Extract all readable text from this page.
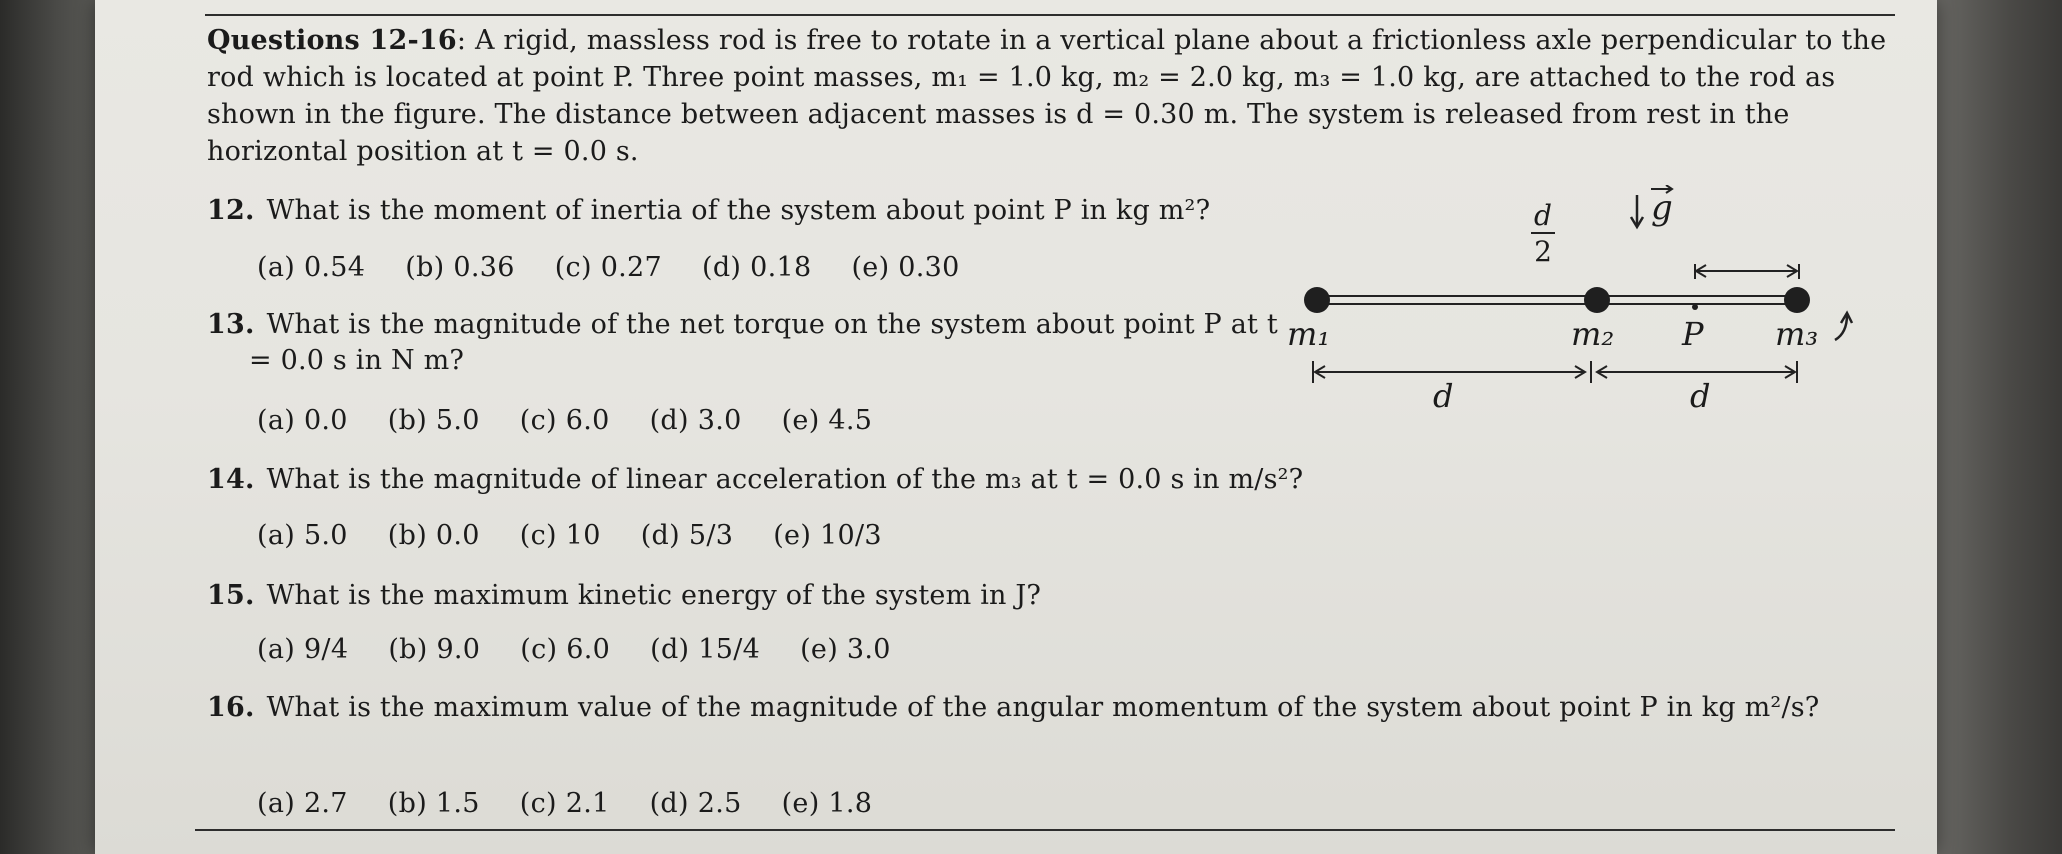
Questions 12-16: A rigid, massless rod is free to rotate in a vertical plane about a frictionless axle perpendicular to the rod which is located at point P. Three point masses, m₁ = 1.0 kg, m₂ = 2.0 kg, m₃ = 1.0 kg, are attached to the rod as shown in the figure. The distance between adjacent masses is d = 0.30 m. The system is released from rest in the horizontal position at t = 0.0 s.
12. What is the moment of inertia of the system about point P in kg m²?
(a) 0.54 (b) 0.36 (c) 0.27 (d) 0.18 (e) 0.30
13. What is the magnitude of the net torque on the system about point P at t = 0.0 s in N m?
(a) 0.0 (b) 5.0 (c) 6.0 (d) 3.0 (e) 4.5
14. What is the magnitude of linear acceleration of the m₃ at t = 0.0 s in m/s²?
(a) 5.0 (b) 0.0 (c) 10 (d) 5/3 (e) 10/3
15. What is the maximum kinetic energy of the system in J?
(a) 9/4 (b) 9.0 (c) 6.0 (d) 15/4 (e) 3.0
16. What is the maximum value of the magnitude of the angular momentum of the system about point P in kg m²/s?
(a) 2.7 (b) 1.5 (c) 2.1 (d) 2.5 (e) 1.8
g
d
2
m₁	m₂ P m₃
d	d
